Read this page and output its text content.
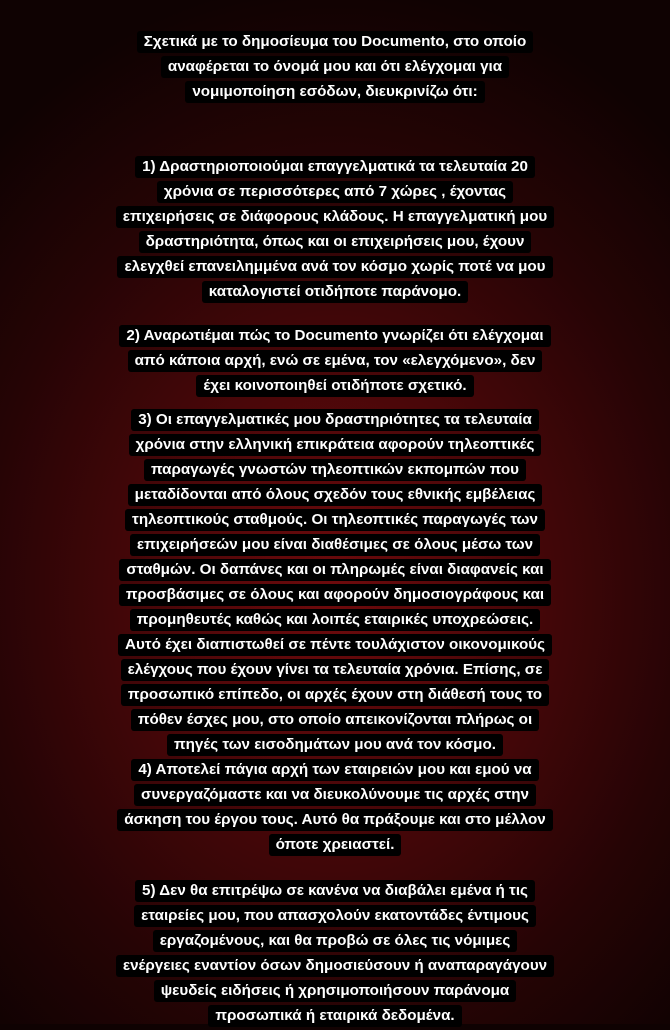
Σχετικά με το δημοσίευμα του Documento, στο οποίο
αναφέρεται το όνομά μου και ότι ελέγχομαι για
νομιμοποίηση εσόδων, διευκρινίζω ότι:
1) Δραστηριοποιούμαι επαγγελματικά τα τελευταία 20
χρόνια σε περισσότερες από 7 χώρες , έχοντας
επιχειρήσεις σε διάφορους κλάδους. Η επαγγελματική μου
δραστηριότητα, όπως και οι επιχειρήσεις μου, έχουν
ελεγχθεί επανειλημμένα ανά τον κόσμο χωρίς ποτέ να μου
καταλογιστεί οτιδήποτε παράνομο.
2) Αναρωτιέμαι πώς το Documento γνωρίζει ότι ελέγχομαι
από κάποια αρχή, ενώ σε εμένα, τον «ελεγχόμενο», δεν
έχει κοινοποιηθεί οτιδήποτε σχετικό.
3) Οι επαγγελματικές μου δραστηριότητες τα τελευταία
χρόνια στην ελληνική επικράτεια αφορούν τηλεοπτικές
παραγωγές γνωστών τηλεοπτικών εκπομπών που
μεταδίδονται από όλους σχεδόν τους εθνικής εμβέλειας
τηλεοπτικούς σταθμούς. Οι τηλεοπτικές παραγωγές των
επιχειρήσεών μου είναι διαθέσιμες σε όλους μέσω των
σταθμών. Οι δαπάνες και οι πληρωμές είναι διαφανείς και
προσβάσιμες σε όλους και αφορούν δημοσιογράφους και
προμηθευτές καθώς και λοιπές εταιρικές υποχρεώσεις.
Αυτό έχει διαπιστωθεί σε πέντε τουλάχιστον οικονομικούς
ελέγχους που έχουν γίνει τα τελευταία χρόνια. Επίσης, σε
προσωπικό επίπεδο, οι αρχές έχουν στη διάθεσή τους το
πόθεν έσχες μου, στο οποίο απεικονίζονται πλήρως οι
πηγές των εισοδημάτων μου ανά τον κόσμο.
4) Αποτελεί πάγια αρχή των εταιρειών μου και εμού να
συνεργαζόμαστε και να διευκολύνουμε τις αρχές στην
άσκηση του έργου τους. Αυτό θα πράξουμε και στο μέλλον
όποτε χρειαστεί.
5) Δεν θα επιτρέψω σε κανένα να διαβάλει εμένα ή τις
εταιρείες μου, που απασχολούν εκατοντάδες έντιμους
εργαζομένους, και θα προβώ σε όλες τις νόμιμες
ενέργειες εναντίον όσων δημοσιεύσουν ή αναπαραγάγουν
ψευδείς ειδήσεις ή χρησιμοποιήσουν παράνομα
προσωπικά ή εταιρικά δεδομένα.
